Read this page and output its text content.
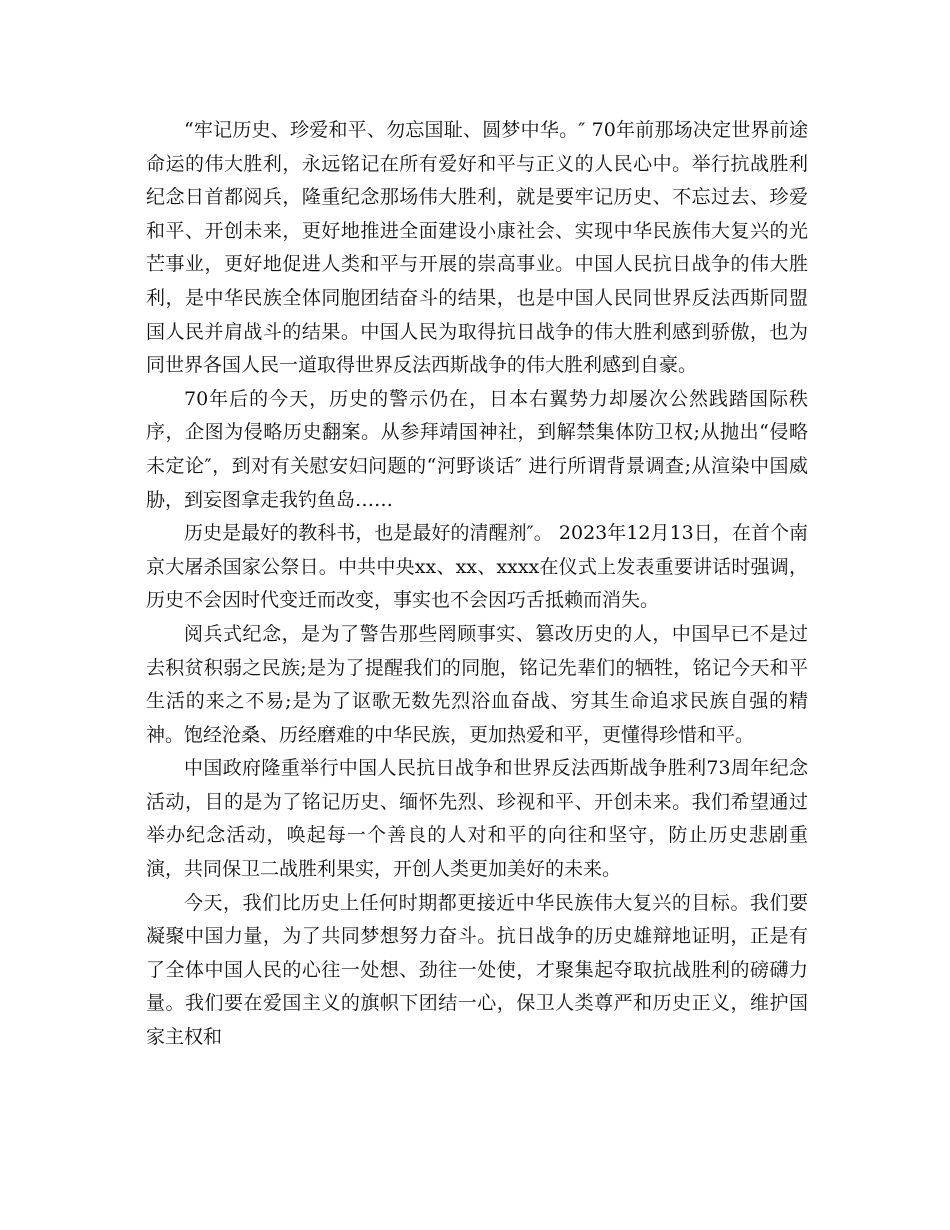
“牢记历史、珍爱和平、勿忘国耻、圆梦中华。″ 70年前那场决定世界前途命运的伟大胜利，永远铭记在所有爱好和平与正义的人民心中。举行抗战胜利纪念日首都阅兵，隆重纪念那场伟大胜利，就是要牢记历史、不忘过去、珍爱和平、开创未来，更好地推进全面建设小康社会、实现中华民族伟大复兴的光芒事业，更好地促进人类和平与开展的崇高事业。中国人民抗日战争的伟大胜利，是中华民族全体同胞团结奋斗的结果，也是中国人民同世界反法西斯同盟国人民并肩战斗的结果。中国人民为取得抗日战争的伟大胜利感到骄傲，也为同世界各国人民一道取得世界反法西斯战争的伟大胜利感到自豪。

70年后的今天，历史的警示仍在，日本右翼势力却屡次公然践踏国际秩序，企图为侵略历史翻案。从参拜靖国神社，到解禁集体防卫权;从抛出“侵略未定论″，到对有关慰安妇问题的“河野谈话″ 进行所谓背景调查;从渲染中国威胁，到妄图拿走我钓鱼岛……

历史是最好的教科书，也是最好的清醒剂″。 2023年12月13日，在首个南京大屠杀国家公祭日。中共中央xx、xx、xxxx在仪式上发表重要讲话时强调，历史不会因时代变迁而改变，事实也不会因巧舌抵赖而消失。

阅兵式纪念，是为了警告那些罔顾事实、篡改历史的人，中国早已不是过去积贫积弱之民族;是为了提醒我们的同胞，铭记先辈们的牺牲，铭记今天和平生活的来之不易;是为了讴歌无数先烈浴血奋战、穷其生命追求民族自强的精神。饱经沧桑、历经磨难的中华民族，更加热爱和平，更懂得珍惜和平。

中国政府隆重举行中国人民抗日战争和世界反法西斯战争胜利73周年纪念活动，目的是为了铭记历史、缅怀先烈、珍视和平、开创未来。我们希望通过举办纪念活动，唤起每一个善良的人对和平的向往和坚守，防止历史悲剧重演，共同保卫二战胜利果实，开创人类更加美好的未来。

今天，我们比历史上任何时期都更接近中华民族伟大复兴的目标。我们要凝聚中国力量，为了共同梦想努力奋斗。抗日战争的历史雄辩地证明，正是有了全体中国人民的心往一处想、劲往一处使，才聚集起夺取抗战胜利的磅礴力量。我们要在爱国主义的旗帜下团结一心，保卫人类尊严和历史正义，维护国家主权和
